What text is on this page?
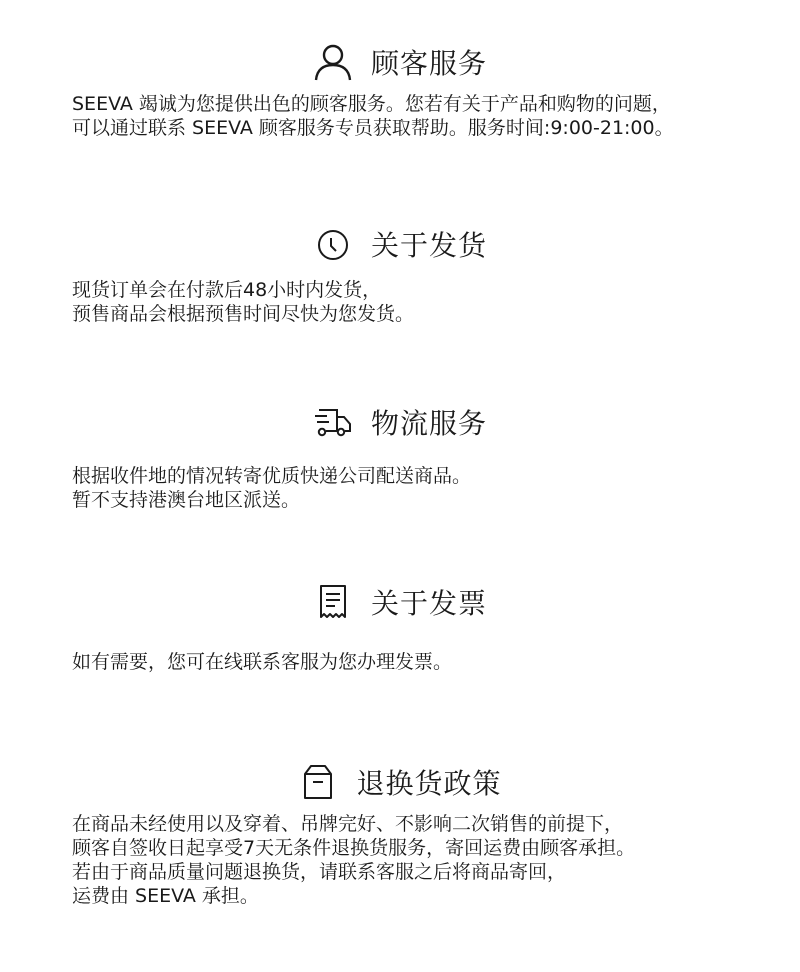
顾客服务

SEEVA 竭诚为您提供出色的顾客服务。您若有关于产品和购物的问题，

可以通过联系 SEEVA 顾客服务专员获取帮助。服务时间:9:00-21:00。

关于发货

现货订单会在付款后48小时内发货，

预售商品会根据预售时间尽快为您发货。

物流服务

根据收件地的情况转寄优质快递公司配送商品。

暂不支持港澳台地区派送。

关于发票

如有需要，您可在线联系客服为您办理发票。

退换货政策

在商品未经使用以及穿着、吊牌完好、不影响二次销售的前提下，

顾客自签收日起享受7天无条件退换货服务，寄回运费由顾客承担。

若由于商品质量问题退换货，请联系客服之后将商品寄回，

运费由 SEEVA 承担。
